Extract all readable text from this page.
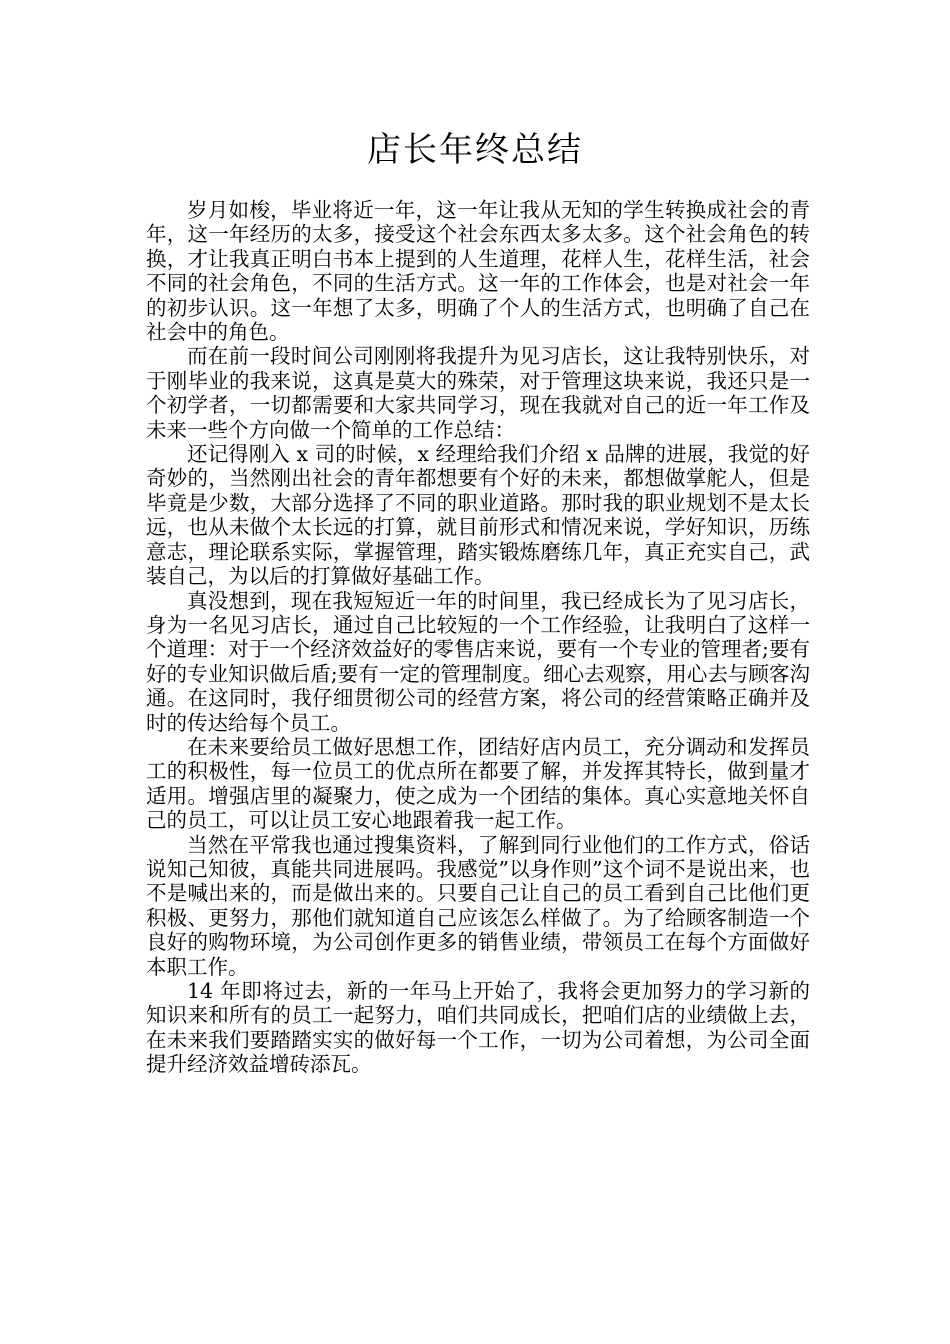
店长年终总结

岁月如梭，毕业将近一年，这一年让我从无知的学生转换成社会的青年，这一年经历的太多，接受这个社会东西太多太多。这个社会角色的转换，才让我真正明白书本上提到的人生道理，花样人生，花样生活，社会不同的社会角色，不同的生活方式。这一年的工作体会，也是对社会一年的初步认识。这一年想了太多，明确了个人的生活方式，也明确了自己在社会中的角色。

而在前一段时间公司刚刚将我提升为见习店长，这让我特别快乐，对于刚毕业的我来说，这真是莫大的殊荣，对于管理这块来说，我还只是一个初学者，一切都需要和大家共同学习，现在我就对自己的近一年工作及未来一些个方向做一个简单的工作总结：

还记得刚入 x 司的时候，x 经理给我们介绍 x 品牌的进展，我觉的好奇妙的，当然刚出社会的青年都想要有个好的未来，都想做掌舵人，但是毕竟是少数，大部分选择了不同的职业道路。那时我的职业规划不是太长远，也从未做个太长远的打算，就目前形式和情况来说，学好知识，历练意志，理论联系实际，掌握管理，踏实锻炼磨练几年，真正充实自己，武装自己，为以后的打算做好基础工作。

真没想到，现在我短短近一年的时间里，我已经成长为了见习店长，身为一名见习店长，通过自己比较短的一个工作经验，让我明白了这样一个道理：对于一个经济效益好的零售店来说，要有一个专业的管理者;要有好的专业知识做后盾;要有一定的管理制度。细心去观察，用心去与顾客沟通。在这同时，我仔细贯彻公司的经营方案，将公司的经营策略正确并及时的传达给每个员工。

在未来要给员工做好思想工作，团结好店内员工，充分调动和发挥员工的积极性，每一位员工的优点所在都要了解，并发挥其特长，做到量才适用。增强店里的凝聚力，使之成为一个团结的集体。真心实意地关怀自己的员工，可以让员工安心地跟着我一起工作。

当然在平常我也通过搜集资料，了解到同行业他们的工作方式，俗话说知己知彼，真能共同进展吗。我感觉”以身作则”这个词不是说出来，也不是喊出来的，而是做出来的。只要自己让自己的员工看到自己比他们更积极、更努力，那他们就知道自己应该怎么样做了。为了给顾客制造一个良好的购物环境，为公司创作更多的销售业绩，带领员工在每个方面做好本职工作。

14 年即将过去，新的一年马上开始了，我将会更加努力的学习新的知识来和所有的员工一起努力，咱们共同成长，把咱们店的业绩做上去，在未来我们要踏踏实实的做好每一个工作，一切为公司着想，为公司全面提升经济效益增砖添瓦。
